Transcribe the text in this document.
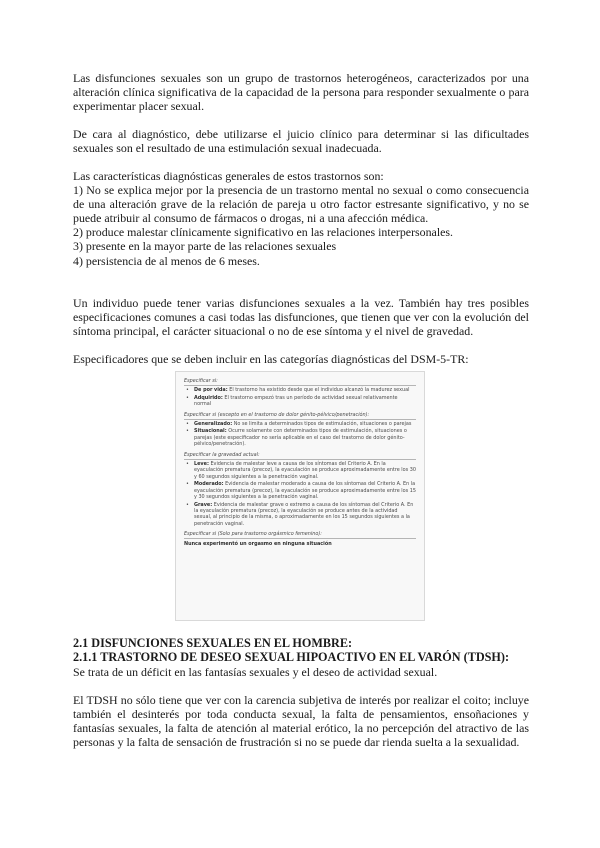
Las disfunciones sexuales son un grupo de trastornos heterogéneos, caracterizados por una alteración clínica significativa de la capacidad de la persona para responder sexualmente o para experimentar placer sexual.

De cara al diagnóstico, debe utilizarse el juicio clínico para determinar si las dificultades sexuales son el resultado de una estimulación sexual inadecuada.

Las características diagnósticas generales de estos trastornos son:

1) No se explica mejor por la presencia de un trastorno mental no sexual o como consecuencia de una alteración grave de la relación de pareja u otro factor estresante significativo, y no se puede atribuir al consumo de fármacos o drogas, ni a una afección médica.

2) produce malestar clínicamente significativo en las relaciones interpersonales.

3) presente en la mayor parte de las relaciones sexuales

4) persistencia de al menos de 6 meses.

Un individuo puede tener varias disfunciones sexuales a la vez. También hay tres posibles especificaciones comunes a casi todas las disfunciones, que tienen que ver con la evolución del síntoma principal, el carácter situacional o no de ese síntoma y el nivel de gravedad.

Especificadores que se deben incluir en las categorías diagnósticas del DSM-5-TR:

Especificar si:
• De por vida: El trastorno ha existido desde que el individuo alcanzó la madurez sexual
• Adquirido: El trastorno empezó tras un período de actividad sexual relativamente normal
Especificar si (excepto en el trastorno de dolor génito-pélvico/penetración):
• Generalizado: No se limita a determinados tipos de estimulación, situaciones o parejas
• Situacional: Ocurre solamente con determinados tipos de estimulación, situaciones o parejas (este especificador no sería aplicable en el caso del trastorno de dolor génito-pélvico/penetración).
Especificar la gravedad actual:
• Leve: Evidencia de malestar leve a causa de los síntomas del Criterio A. En la eyaculación prematura (precoz), la eyaculación se produce aproximadamente entre los 30 y 60 segundos siguientes a la penetración vaginal.
• Moderado: Evidencia de malestar moderado a causa de los síntomas del Criterio A. En la eyaculación prematura (precoz), la eyaculación se produce aproximadamente entre los 15 y 30 segundos siguientes a la penetración vaginal.
• Grave: Evidencia de malestar grave o extremo a causa de los síntomas del Criterio A. En la eyaculación prematura (precoz), la eyaculación se produce antes de la actividad sexual, al principio de la misma, o aproximadamente en los 15 segundos siguientes a la penetración vaginal.
Especificar si (Solo para trastorno orgásmico femenino):
Nunca experimentó un orgasmo en ninguna situación

2.1 DISFUNCIONES SEXUALES EN EL HOMBRE:

2.1.1 TRASTORNO DE DESEO SEXUAL HIPOACTIVO EN EL VARÓN (TDSH):

Se trata de un déficit en las fantasías sexuales y el deseo de actividad sexual.

El TDSH no sólo tiene que ver con la carencia subjetiva de interés por realizar el coito; incluye también el desinterés por toda conducta sexual, la falta de pensamientos, ensoñaciones y fantasías sexuales, la falta de atención al material erótico, la no percepción del atractivo de las personas y la falta de sensación de frustración si no se puede dar rienda suelta a la sexualidad.
